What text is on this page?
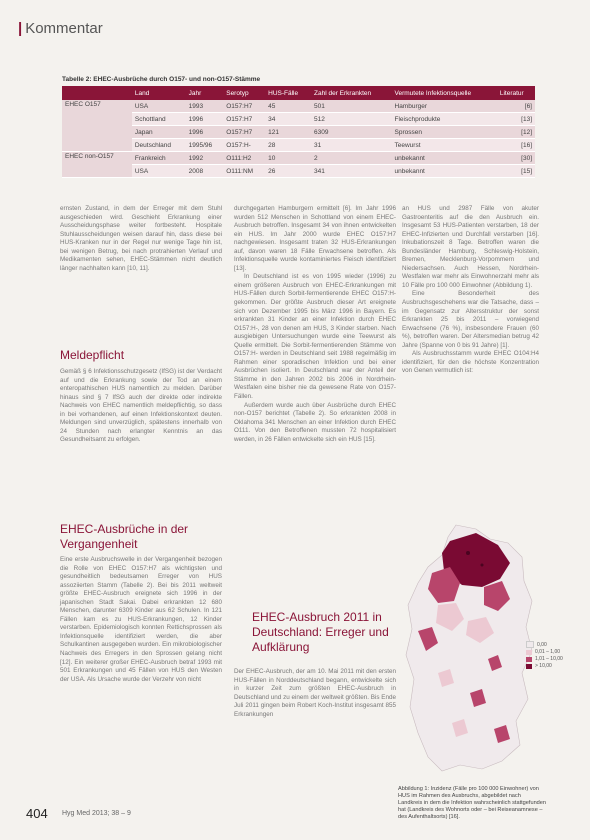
| Kommentar
Tabelle 2: EHEC-Ausbrüche durch O157- und non-O157-Stämme
	Land	Jahr	Serotyp	HUS-Fälle	Zahl der Erkrankten	Vermutete Infektionsquelle	Literatur
EHEC O157	USA	1993	O157:H7	45	501	Hamburger	[6]
	Schottland	1996	O157:H7	34	512	Fleischprodukte	[13]
	Japan	1996	O157:H7	121	6309	Sprossen	[12]
	Deutschland	1995/96	O157:H-	28	31	Teewurst	[16]
EHEC non-O157	Frankreich	1992	O111:H2	10	2	unbekannt	[30]
	USA	2008	O111:NM	26	341	unbekannt	[15]

ernsten Zustand, in dem der Erreger mit dem Stuhl ausgeschieden wird. Geschieht Erkrankung einer Ausscheidungsphase weiter fortbesteht. Hospitale Stuhlausscheidungen weisen darauf hin, dass diese bei HUS-Kranken nur in der Regel nur wenige Tage hin ist, bei wenigen Betrug, bei nach protrahierten Verlauf und Medikamenten sehen, EHEC-Stämmen nicht deutlich länger nachhalten kann [10, 11].

Meldepflicht

Gemäß § 6 Infektionsschutzgesetz (IfSG) ist der Verdacht auf und die Erkrankung sowie der Tod an einem enteropathischen HUS namentlich zu melden. Darüber hinaus sind § 7 IfSG auch der direkte oder indirekte Nachweis von EHEC namentlich meldepflichtig, so dass in bei vorhandenen, auf einen Infektionskontext deuten. Meldungen sind unverzüglich, spätestens innerhalb von 24 Stunden nach erlangter Kenntnis an das Gesundheitsamt zu erfolgen.

EHEC-Ausbrüche in der Vergangenheit

Eine erste Ausbruchswelle in der Vergangenheit bezogen die Rolle von EHEC O157:H7 als wichtigsten und gesundheitlich bedeutsamen Erreger von HUS assoziierten Stamm (Tabelle 2). Bei bis 2011 weltweit größte EHEC-Ausbruch ereignete sich 1996 in der japanischen Stadt Sakai. Dabei erkrankten 12 680 Menschen, darunter 6309 Kinder aus 62 Schulen. In 121 Fällen kam es zu HUS-Erkrankungen, 12 Kinder verstarben. Epidemiologisch konnten Rettichsprossen als Infektionsquelle identifiziert werden, die aber Schulkantinen ausgegeben wurden. Ein mikrobiologischer Nachweis des Erregers in den Sprossen gelang nicht [12]. Ein weiterer großer EHEC-Ausbruch betraf 1993 mit 501 Erkrankungen und 45 Fällen von HUS den Westen der USA. Als Ursache wurde der Verzehr von nicht

durchgegarten Hamburgern ermittelt [6]. Im Jahr 1996 wurden 512 Menschen in Schottland von einem EHEC-Ausbruch betroffen. Insgesamt 34 von ihnen entwickelten ein HUS. Im Jahr 2000 wurde EHEC O157:H7 nachgewiesen. Insgesamt traten 32 HUS-Erkrankungen auf, davon waren 18 Fälle Erwachsene betroffen. Als Infektionsquelle wurde kontaminiertes Fleisch identifiziert [13].

In Deutschland ist es von 1995 wieder (1996) zu einem größeren Ausbruch von EHEC-Erkrankungen mit HUS-Fällen durch Sorbit-fermentierende EHEC O157:H- gekommen. Der größte Ausbruch dieser Art ereignete sich von Dezember 1995 bis März 1996 in Bayern. Es erkrankten 31 Kinder an einer Infektion durch EHEC O157:H-, 28 von denen am HUS, 3 Kinder starben. Nach ausgiebigen Untersuchungen wurde eine Teewurst als Quelle ermittelt. Die Sorbit-fermentierenden Stämme von O157:H- werden in Deutschland seit 1988 regelmäßig im Rahmen einer sporadischen Infektion und bei einer Ausbrüchen isoliert. In Deutschland war der Anteil der Stämme in den Jahren 2002 bis 2006 in Nordrhein-Westfalen eine bisher nie da gewesene Rate von O157-Fällen.

Außerdem wurde auch über Ausbrüche durch EHEC non-O157 berichtet (Tabelle 2). So erkrankten 2008 in Oklahoma 341 Menschen an einer Infektion durch EHEC O111. Von den Betroffenen mussten 72 hospitalisiert werden, in 26 Fällen entwickelte sich ein HUS [15].

EHEC-Ausbruch 2011 in Deutschland: Erreger und Aufklärung

Der EHEC-Ausbruch, der am 10. Mai 2011 mit den ersten HUS-Fällen in Norddeutschland begann, entwickelte sich in kurzer Zeit zum größten EHEC-Ausbruch in Deutschland und zu einem der weltweit größten. Bis Ende Juli 2011 gingen beim Robert Koch-Institut insgesamt 855 Erkrankungen

an HUS und 2987 Fälle von akuter Gastroenteritis auf die den Ausbruch ein. Insgesamt 53 HUS-Patienten verstarben, 18 der EHEC-Infizierten und Durchfall verstarben [16]. Inkubationszeit 8 Tage. Betroffen waren die Bundesländer Hamburg, Schleswig-Holstein, Bremen, Mecklenburg-Vorpommern und Niedersachsen. Auch Hessen, Nordrhein-Westfalen war mehr als Einwohnerzahl mehr als 10 Fälle pro 100 000 Einwohner (Abbildung 1).

Eine Besonderheit des Ausbruchsgeschehens war die Tatsache, dass – im Gegensatz zur Altersstruktur der sonst Erkrankten 25 bis 2011 – vorwiegend Erwachsene (76 %), insbesondere Frauen (60 %), betroffen waren. Der Altersmedian betrug 42 Jahre (Spanne von 0 bis 91 Jahre) [1].

Als Ausbruchsstamm wurde EHEC O104:H4 identifiziert, für den die höchste Konzentration von Genen vermutlich ist:

0,00
0,01 – 1,00
1,01 – 10,00
> 10,00
Abbildung 1: Inzidenz (Fälle pro 100 000 Einwohner) von HUS im Rahmen des Ausbruchs, abgebildet nach Landkreis in dem die Infektion wahrscheinlich stattgefunden hat (Landkreis des Wohnorts oder – bei Reiseanamnese – des Aufenthaltsorts) [16].
404 Hyg Med 2013; 38 – 9
